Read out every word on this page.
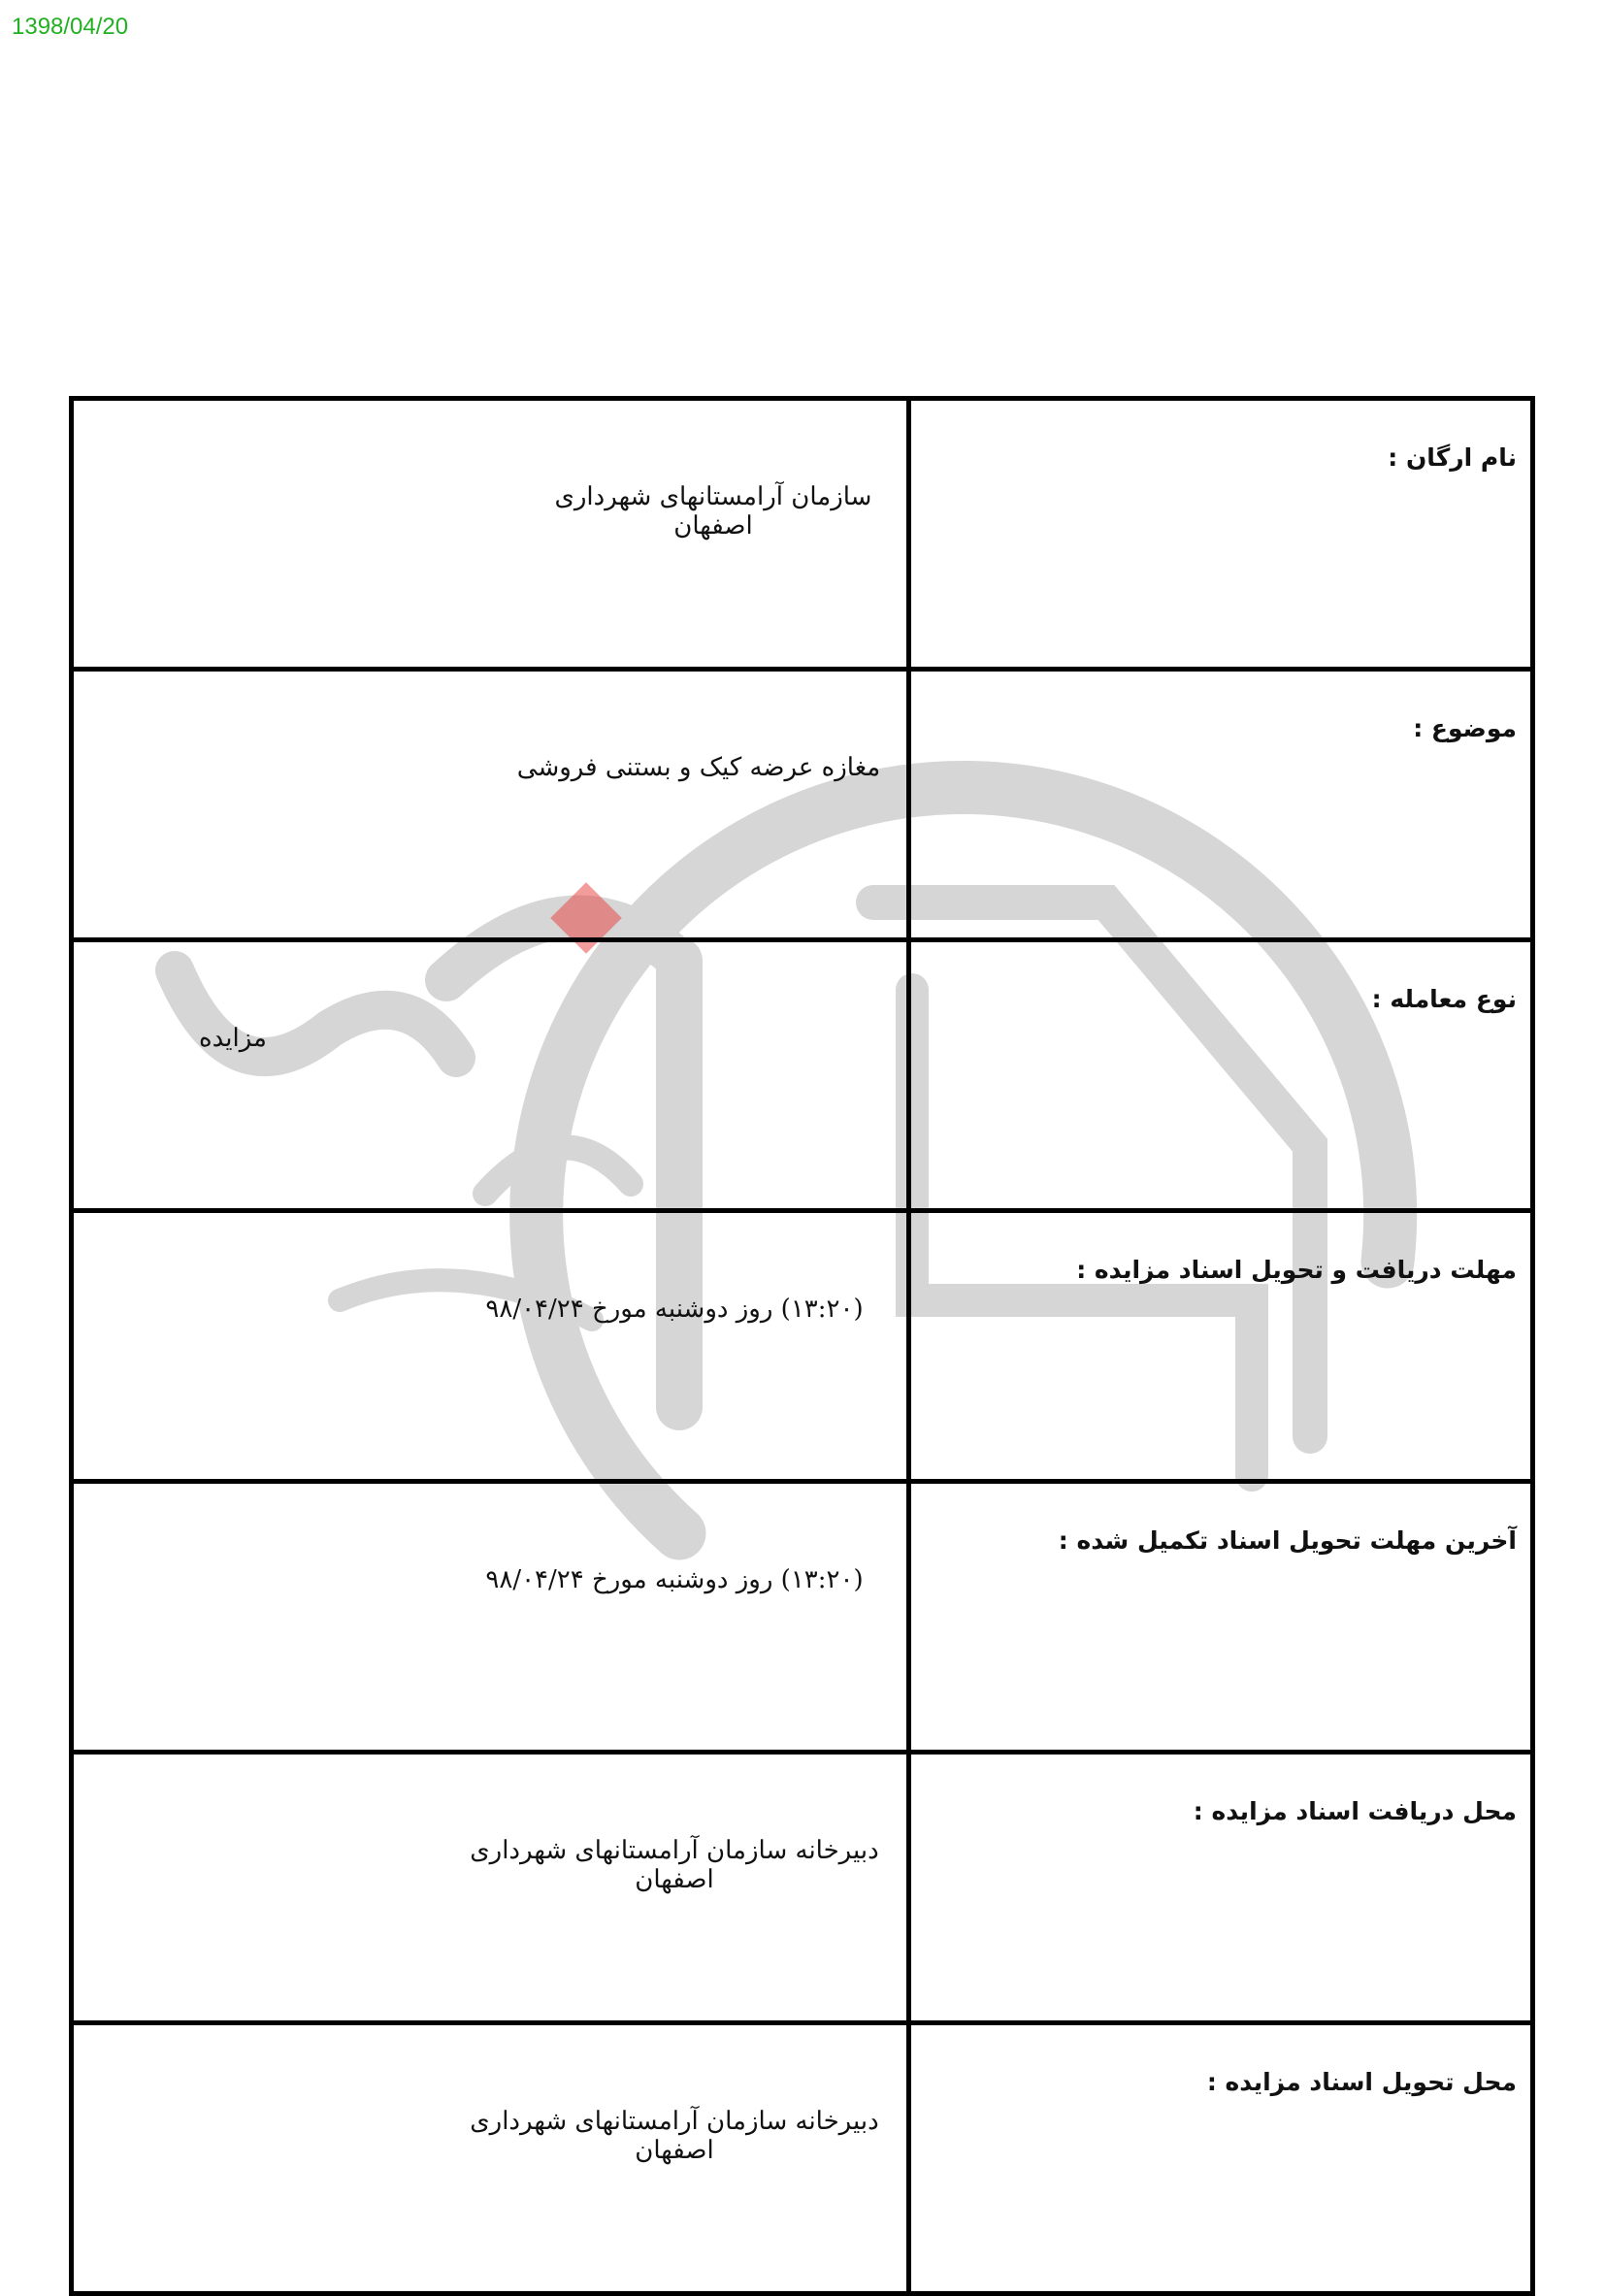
1398/04/20
نام ارگان :	سازمان آرامستانهای شهرداری اصفهان
موضوع :	مغازه عرضه کیک و بستنی فروشی
نوع معامله :	مزایده
مهلت دریافت و تحویل اسناد مزایده :	(۱۳:۲۰) روز دوشنبه مورخ ۹۸/۰۴/۲۴
آخرین مهلت تحویل اسناد تکمیل شده :	(۱۳:۲۰) روز دوشنبه مورخ ۹۸/۰۴/۲۴
محل دریافت اسناد مزایده :	دبیرخانه سازمان آرامستانهای شهرداری اصفهان
محل تحویل اسناد مزایده :	دبیرخانه سازمان آرامستانهای شهرداری اصفهان
